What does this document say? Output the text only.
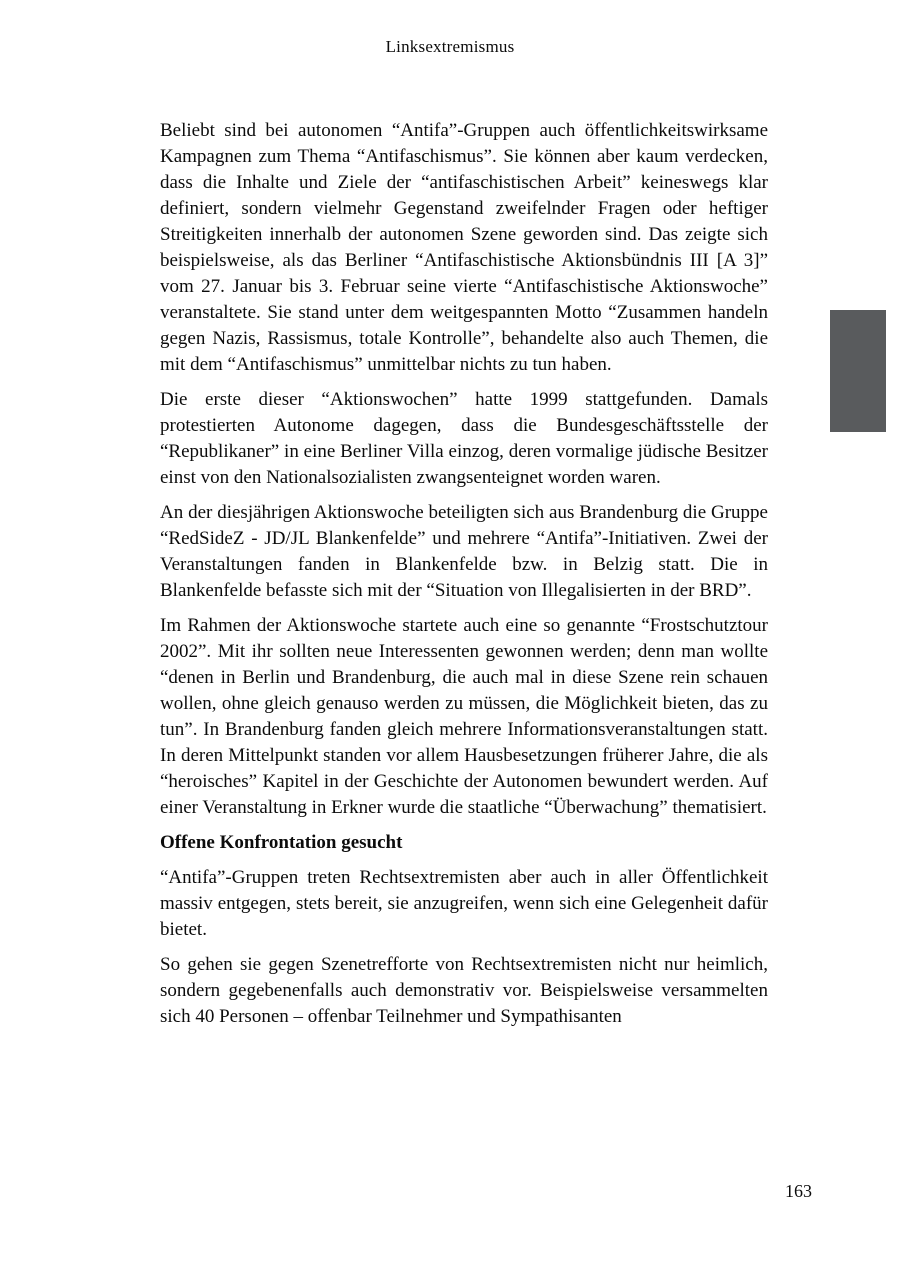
Linksextremismus

Beliebt sind bei autonomen “Antifa”-Gruppen auch öffentlichkeitswirksame Kampagnen zum Thema “Antifaschismus”. Sie können aber kaum verdecken, dass die Inhalte und Ziele der “antifaschistischen Arbeit” keineswegs klar definiert, sondern vielmehr Gegenstand zweifelnder Fragen oder heftiger Streitigkeiten innerhalb der autonomen Szene geworden sind. Das zeigte sich beispielsweise, als das Berliner “Antifaschistische Aktionsbündnis III [A 3]” vom 27. Januar bis 3. Februar seine vierte “Antifaschistische Aktionswoche” veranstaltete. Sie stand unter dem weitgespannten Motto “Zusammen handeln gegen Nazis, Rassismus, totale Kontrolle”, behandelte also auch Themen, die mit dem “Antifaschismus” unmittelbar nichts zu tun haben.

Die erste dieser “Aktionswochen” hatte 1999 stattgefunden. Damals protestierten Autonome dagegen, dass die Bundesgeschäftsstelle der “Republikaner” in eine Berliner Villa einzog, deren vormalige jüdische Besitzer einst von den Nationalsozialisten zwangsenteignet worden waren.

An der diesjährigen Aktionswoche beteiligten sich aus Brandenburg die Gruppe “RedSideZ - JD/JL Blankenfelde” und mehrere “Antifa”-Initiativen. Zwei der Veranstaltungen fanden in Blankenfelde bzw. in Belzig statt. Die in Blankenfelde befasste sich mit der “Situation von Illegalisierten in der BRD”.

Im Rahmen der Aktionswoche startete auch eine so genannte “Frostschutztour 2002”. Mit ihr sollten neue Interessenten gewonnen werden; denn man wollte “denen in Berlin und Brandenburg, die auch mal in diese Szene rein schauen wollen, ohne gleich genauso werden zu müssen, die Möglichkeit bieten, das zu tun”. In Brandenburg fanden gleich mehrere Informationsveranstaltungen statt. In deren Mittelpunkt standen vor allem Hausbesetzungen früherer Jahre, die als “heroisches” Kapitel in der Geschichte der Autonomen bewundert werden. Auf einer Veranstaltung in Erkner wurde die staatliche “Überwachung” thematisiert.

Offene Konfrontation gesucht

“Antifa”-Gruppen treten Rechtsextremisten aber auch in aller Öffentlichkeit massiv entgegen, stets bereit, sie anzugreifen, wenn sich eine Gelegenheit dafür bietet.

So gehen sie gegen Szenetrefforte von Rechtsextremisten nicht nur heimlich, sondern gegebenenfalls auch demonstrativ vor. Beispielsweise versammelten sich 40 Personen – offenbar Teilnehmer und Sympathisanten

163
